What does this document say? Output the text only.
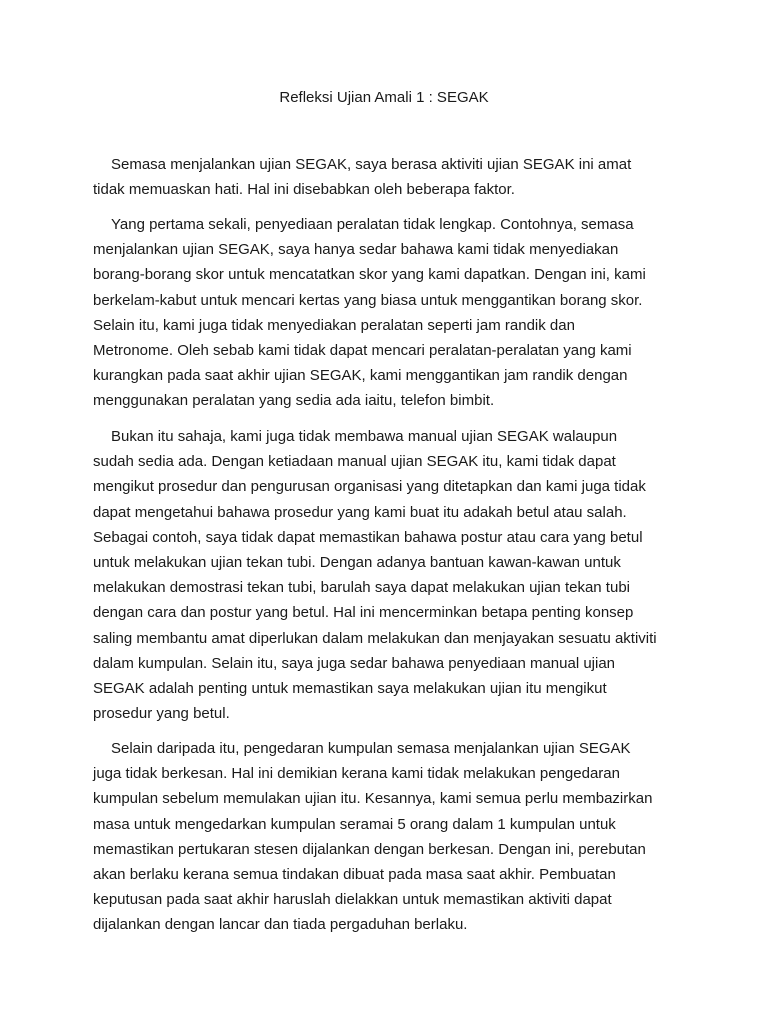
Refleksi Ujian Amali 1 : SEGAK
Semasa menjalankan ujian SEGAK, saya berasa aktiviti ujian SEGAK ini amat
tidak memuaskan hati. Hal ini disebabkan oleh beberapa faktor.
Yang pertama sekali, penyediaan peralatan tidak lengkap. Contohnya, semasa
menjalankan ujian SEGAK, saya hanya sedar bahawa kami tidak menyediakan
borang-borang skor untuk mencatatkan skor yang kami dapatkan. Dengan ini, kami
berkelam-kabut untuk mencari kertas yang biasa untuk menggantikan borang skor.
Selain itu, kami juga tidak menyediakan peralatan seperti jam randik dan
Metronome. Oleh sebab kami tidak dapat mencari peralatan-peralatan yang kami
kurangkan pada saat akhir ujian SEGAK, kami menggantikan jam randik dengan
menggunakan peralatan yang sedia ada iaitu, telefon bimbit.
Bukan itu sahaja, kami juga tidak membawa manual ujian SEGAK walaupun
sudah sedia ada. Dengan ketiadaan manual ujian SEGAK itu, kami tidak dapat
mengikut prosedur dan pengurusan organisasi yang ditetapkan dan kami juga tidak
dapat mengetahui bahawa prosedur yang kami buat itu adakah betul atau salah.
Sebagai contoh, saya tidak dapat memastikan bahawa postur atau cara yang betul
untuk melakukan ujian tekan tubi. Dengan adanya bantuan kawan-kawan untuk
melakukan demostrasi tekan tubi, barulah saya dapat melakukan ujian tekan tubi
dengan cara dan postur yang betul. Hal ini mencerminkan betapa penting konsep
saling membantu amat diperlukan dalam melakukan dan menjayakan sesuatu aktiviti
dalam kumpulan. Selain itu, saya juga sedar bahawa penyediaan manual ujian
SEGAK adalah penting untuk memastikan saya melakukan ujian itu mengikut
prosedur yang betul.
Selain daripada itu, pengedaran kumpulan semasa menjalankan ujian SEGAK
juga tidak berkesan. Hal ini demikian kerana kami tidak melakukan pengedaran
kumpulan sebelum memulakan ujian itu. Kesannya, kami semua perlu membazirkan
masa untuk mengedarkan kumpulan seramai 5 orang dalam 1 kumpulan untuk
memastikan pertukaran stesen dijalankan dengan berkesan. Dengan ini, perebutan
akan berlaku kerana semua tindakan dibuat pada masa saat akhir. Pembuatan
keputusan pada saat akhir haruslah dielakkan untuk memastikan aktiviti dapat
dijalankan dengan lancar dan tiada pergaduhan berlaku.
